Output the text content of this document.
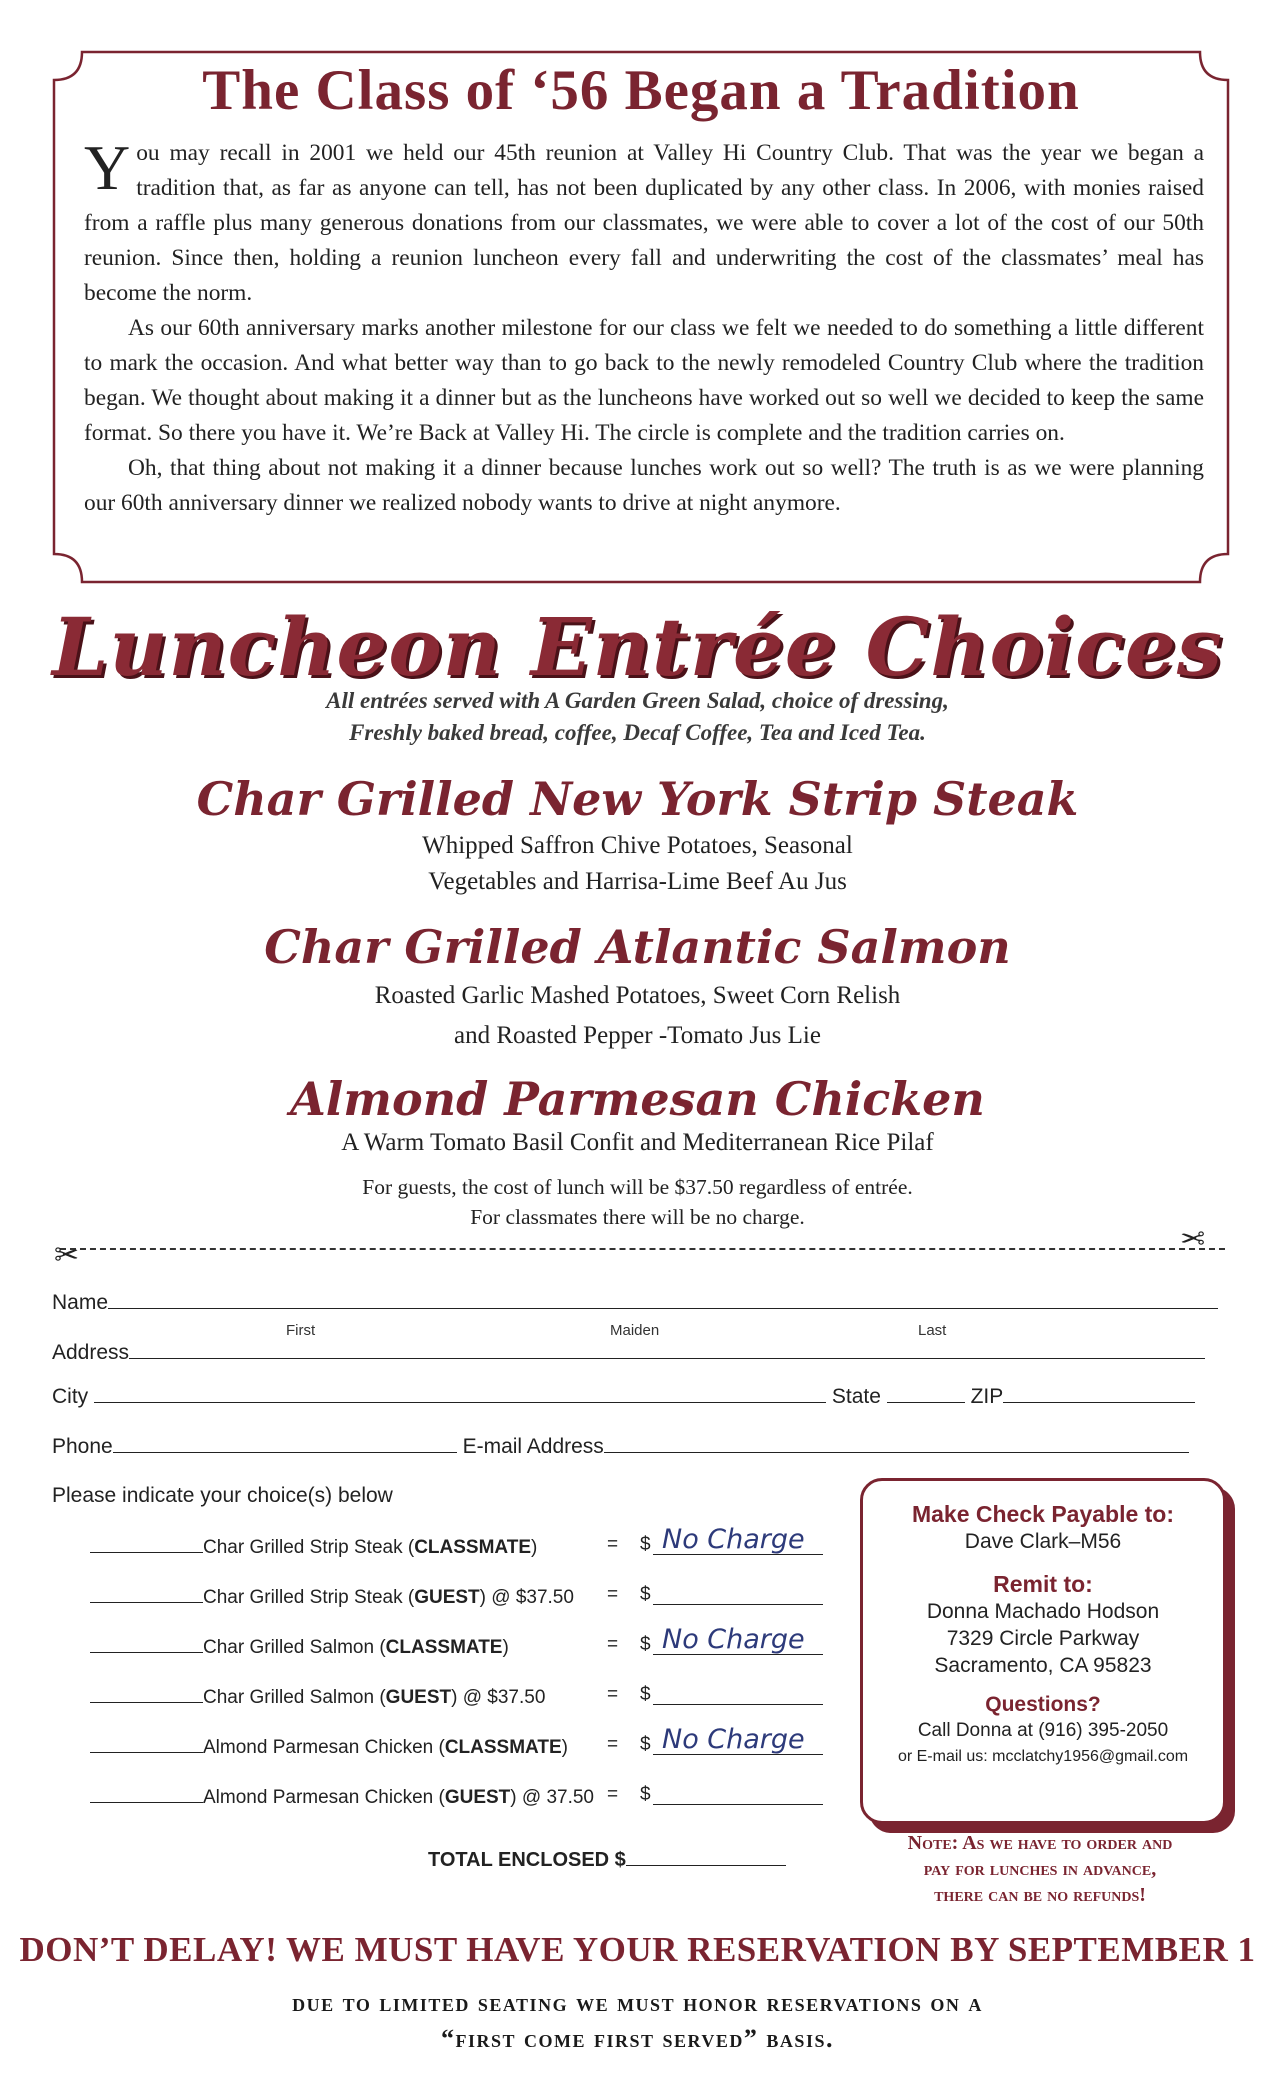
The Class of ‘56 Began a Tradition

You may recall in 2001 we held our 45th reunion at Valley Hi Country Club. That was the year we began a tradition that, as far as anyone can tell, has not been duplicated by any other class. In 2006, with monies raised from a raffle plus many generous donations from our classmates, we were able to cover a lot of the cost of our 50th reunion. Since then, holding a reunion luncheon every fall and underwriting the cost of the classmates’ meal has become the norm.

As our 60th anniversary marks another milestone for our class we felt we needed to do something a little different to mark the occasion. And what better way than to go back to the newly remodeled Country Club where the tradition began. We thought about making it a dinner but as the luncheons have worked out so well we decided to keep the same format. So there you have it. We’re Back at Valley Hi. The circle is complete and the tradition carries on.

Oh, that thing about not making it a dinner because lunches work out so well? The truth is as we were planning our 60th anniversary dinner we realized nobody wants to drive at night anymore.

Luncheon Entrée Choices
All entrées served with A Garden Green Salad, choice of dressing,
Freshly baked bread, coffee, Decaf Coffee, Tea and Iced Tea.
Char Grilled New York Strip Steak
Whipped Saffron Chive Potatoes, Seasonal
Vegetables and Harrisa-Lime Beef Au Jus
Char Grilled Atlantic Salmon
Roasted Garlic Mashed Potatoes, Sweet Corn Relish
and Roasted Pepper -Tomato Jus Lie
Almond Parmesan Chicken
A Warm Tomato Basil Confit and Mediterranean Rice Pilaf
For guests, the cost of lunch will be $37.50 regardless of entrée.
For classmates there will be no charge.
✂	✂
Name
First	Maiden	Last
Address
City	State	ZIP
Phone	E-mail Address
Please indicate your choice(s) below
Char Grilled Strip Steak (CLASSMATE)	= $ No Charge
Char Grilled Strip Steak (GUEST) @ $37.50 = $
Char Grilled Salmon (CLASSMATE)	= $ No Charge
Char Grilled Salmon (GUEST) @ $37.50	= $
Almond Parmesan Chicken (CLASSMATE) = $ No Charge
Almond Parmesan Chicken (GUEST) @ 37.50 = $
TOTAL ENCLOSED $
Make Check Payable to:
Dave Clark–M56
Remit to:
Donna Machado Hodson
7329 Circle Parkway
Sacramento, CA 95823
Questions?
Call Donna at (916) 395-2050
or E-mail us: mcclatchy1956@gmail.com
Note: As we have to order and
pay for lunches in advance,
there can be no refunds!
DON’T DELAY! WE MUST HAVE YOUR RESERVATION BY SEPTEMBER 1
due to limited seating we must honor reservations on a
“first come first served” basis.
